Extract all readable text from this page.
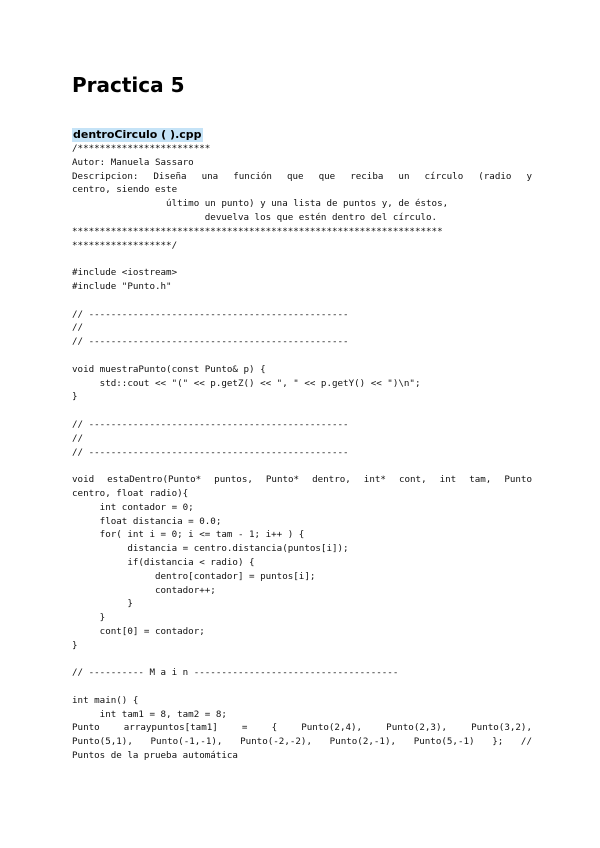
Practica 5
dentroCirculo ( ).cpp
/************************
Autor: Manuela Sassaro
Descripcion: Diseña una función que que reciba un círculo (radio y
centro, siendo este
último un punto) y una lista de puntos y, de éstos,
devuelva los que estén dentro del círculo.
*******************************************************************
******************/

#include <iostream>
#include "Punto.h"

// -----------------------------------------------
//
// -----------------------------------------------

void muestraPunto(const Punto& p) {
std::cout << "(" << p.getZ() << ", " << p.getY() << ")\n";
}

// -----------------------------------------------
//
// -----------------------------------------------

void estaDentro(Punto* puntos, Punto* dentro, int* cont, int tam, Punto
centro, float radio){
int contador = 0;
float distancia = 0.0;
for( int i = 0; i <= tam - 1; i++ ) {
distancia = centro.distancia(puntos[i]);
if(distancia < radio) {
dentro[contador] = puntos[i];
contador++;
}
}
cont[0] = contador;
}

// ---------- M a i n -------------------------------------

int main() {
int tam1 = 8, tam2 = 8;
Punto arraypuntos[tam1] = { Punto(2,4), Punto(2,3), Punto(3,2),
Punto(5,1), Punto(-1,-1), Punto(-2,-2), Punto(2,-1), Punto(5,-1) }; //
Puntos de la prueba automática
